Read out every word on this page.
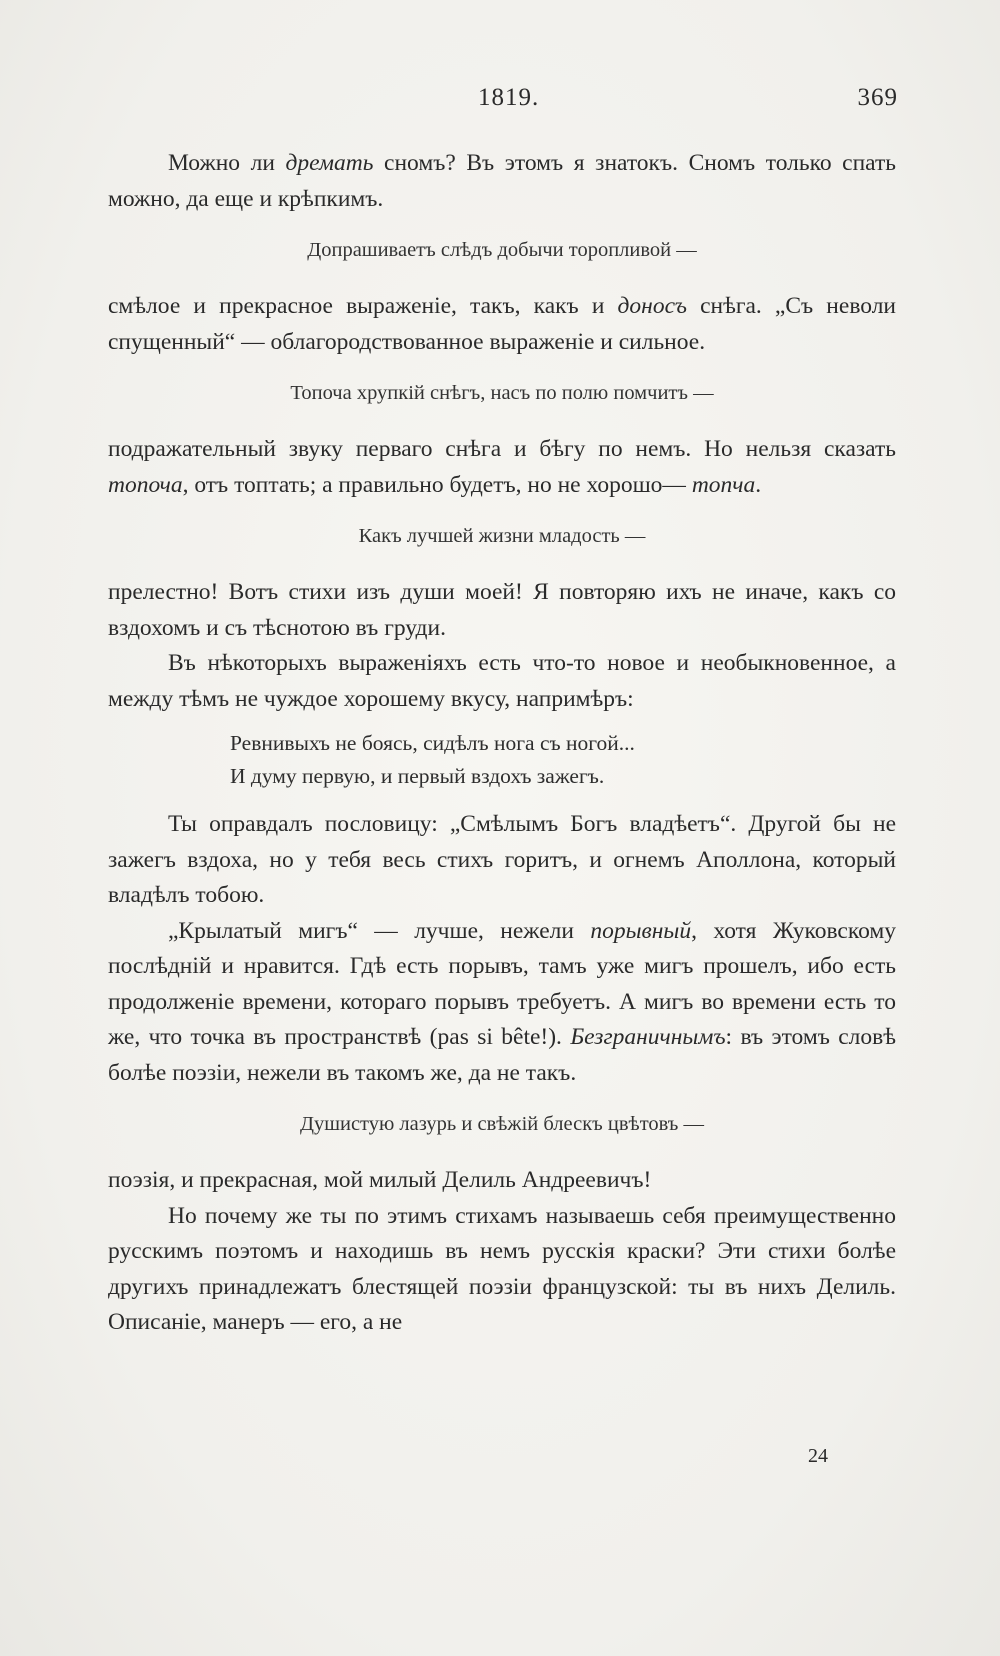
1819.	369

Можно ли дремать сномъ? Въ этомъ я знатокъ. Сномъ только спать можно, да еще и крѣпкимъ.

Допрашиваетъ слѣдъ добычи торопливой —

смѣлое и прекрасное выраженіе, такъ, какъ и доносъ снѣга. „Съ неволи спущенный“ — облагородствованное выраженіе и сильное.

Топоча хрупкій снѣгъ, насъ по полю помчитъ —

подражательный звуку перваго снѣга и бѣгу по немъ. Но нельзя сказать топоча, отъ топтать; а правильно будетъ, но не хорошо— топча.

Какъ лучшей жизни младость —

прелестно! Вотъ стихи изъ души моей! Я повторяю ихъ не иначе, какъ со вздохомъ и съ тѣснотою въ груди.

Въ нѣкоторыхъ выраженіяхъ есть что-то новое и необыкновенное, а между тѣмъ не чуждое хорошему вкусу, напримѣръ:

Ревнивыхъ не боясь, сидѣлъ нога съ ногой...
И думу первую, и первый вздохъ зажегъ.

Ты оправдалъ пословицу: „Смѣлымъ Богъ владѣетъ“. Другой бы не зажегъ вздоха, но у тебя весь стихъ горитъ, и огнемъ Аполлона, который владѣлъ тобою.

„Крылатый мигъ“ — лучше, нежели порывный, хотя Жуковскому послѣдній и нравится. Гдѣ есть порывъ, тамъ уже мигъ прошелъ, ибо есть продолженіе времени, котораго порывъ требуетъ. А мигъ во времени есть то же, что точка въ пространствѣ (pas si bête!). Безграничнымъ: въ этомъ словѣ болѣе поэзіи, нежели въ такомъ же, да не такъ.

Душистую лазурь и свѣжій блескъ цвѣтовъ —

поэзія, и прекрасная, мой милый Делиль Андреевичъ!

Но почему же ты по этимъ стихамъ называешь себя преимущественно русскимъ поэтомъ и находишь въ немъ русскія краски? Эти стихи болѣе другихъ принадлежатъ блестящей поэзіи французской: ты въ нихъ Делиль. Описаніе, манеръ — его, а не

24
